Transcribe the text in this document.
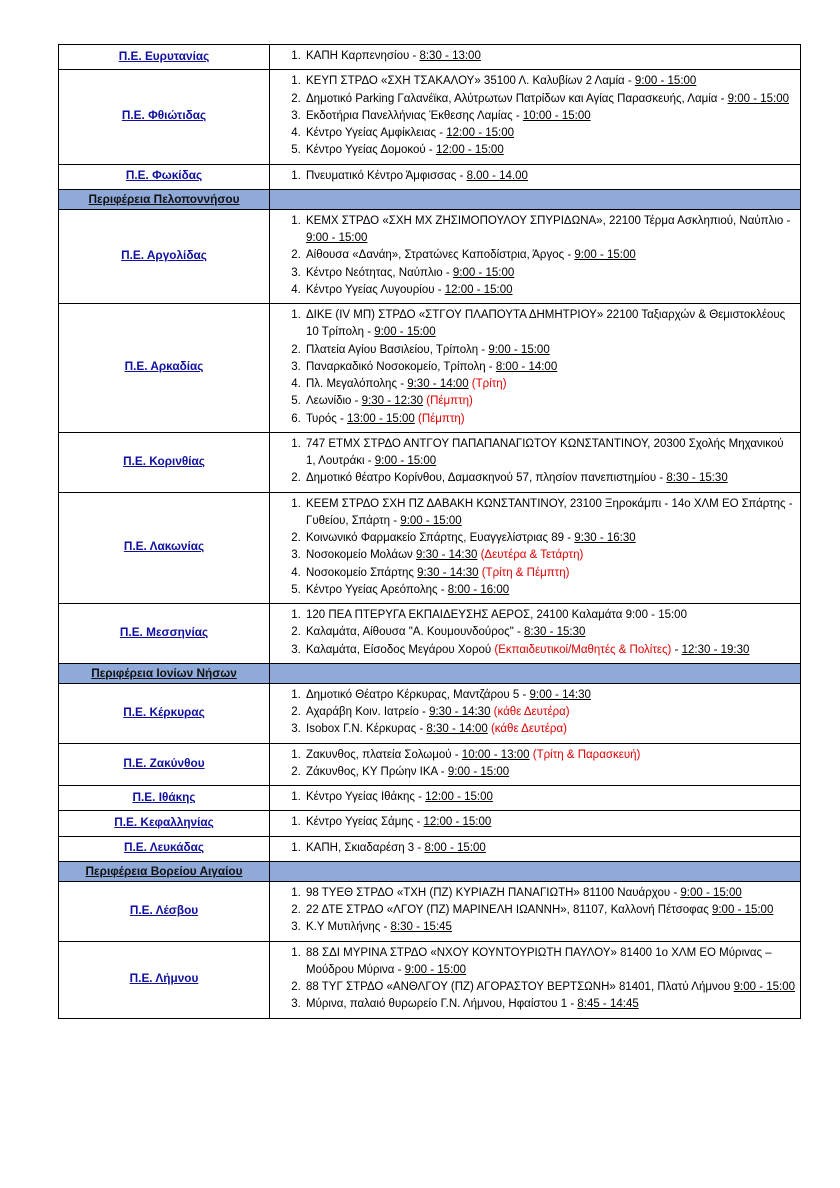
Π.Ε. Ευρυτανίας	
1.ΚΑΠΗ Καρπενησίου - 8:30 - 13:00

Π.Ε. Φθιώτιδας	
1. ΚΕΥΠ ΣΤΡΔΟ «ΣΧΗ ΤΣΑΚΑΛΟΥ» 35100 Λ. Καλυβίων 2 Λαμία - 9:00 - 15:00
2. Δημοτικό Parking Γαλανέϊκα, Αλύτρωτων Πατρίδων και Αγίας Παρασκευής, Λαμία - 9:00 - 15:00
3. Εκδοτήρια Πανελλήνιας Έκθεσης Λαμίας - 10:00 - 15:00
4. Κέντρο Υγείας Αμφίκλειας - 12:00 - 15:00
5. Κέντρο Υγείας Δομοκού - 12:00 - 15:00

Π.Ε. Φωκίδας	
1.Πνευματικό Κέντρο Άμφισσας - 8.00 - 14.00

Περιφέρεια Πελοποννήσου	
Π.Ε. Αργολίδας	
1. ΚΕΜΧ ΣΤΡΔΟ «ΣΧΗ ΜΧ ΖΗΣΙΜΟΠΟΥΛΟΥ ΣΠΥΡΙΔΩΝΑ», 22100 Τέρμα Ασκληπιού, Ναύπλιο - 9:00 - 15:00
2. Αίθουσα «Δανάη», Στρατώνες Καποδίστρια, Άργος - 9:00 - 15:00
3. Κέντρο Νεότητας, Ναύπλιο - 9:00 - 15:00
4. Κέντρο Υγείας Λυγουρίου - 12:00 - 15:00

Π.Ε. Αρκαδίας	
1. ΔΙΚΕ (IV ΜΠ) ΣΤΡΔΟ «ΣΤΓΟΥ ΠΛΑΠΟΥΤΑ ΔΗΜΗΤΡΙΟΥ» 22100 Ταξιαρχών & Θεμιστοκλέους 10 Τρίπολη - 9:00 - 15:00
2. Πλατεία Αγίου Βασιλείου, Τρίπολη - 9:00 - 15:00
3. Παναρκαδικό Νοσοκομείο, Τρίπολη - 8:00 - 14:00
4. Πλ. Μεγαλόπολης - 9:30 - 14:00 (Τρίτη)
5. Λεωνίδιο - 9:30 - 12:30 (Πέμπτη)
6. Τυρός - 13:00 - 15:00 (Πέμπτη)

Π.Ε. Κορινθίας	
1. 747 ΕΤΜΧ ΣΤΡΔΟ ΑΝΤΓΟΥ ΠΑΠΑΠΑΝΑΓΙΩΤΟΥ ΚΩΝΣΤΑΝΤΙΝΟΥ, 20300 Σχολής Μηχανικού 1, Λουτράκι - 9:00 - 15:00
2. Δημοτικό θέατρο Κορίνθου, Δαμασκηνού 57, πλησίον πανεπιστημίου - 8:30 - 15:30

Π.Ε. Λακωνίας	
1. ΚΕΕΜ ΣΤΡΔΟ ΣΧΗ ΠΖ ΔΑΒΑΚΗ ΚΩΝΣΤΑΝΤΙΝΟΥ, 23100 Ξηροκάμπι - 14ο ΧΛΜ ΕΟ Σπάρτης - Γυθείου, Σπάρτη - 9:00 - 15:00
2. Κοινωνικό Φαρμακείο Σπάρτης, Ευαγγελίστριας 89 - 9:30 - 16:30
3. Νοσοκομείο Μολάων 9:30 - 14:30 (Δευτέρα & Τετάρτη)
4. Νοσοκομείο Σπάρτης 9:30 - 14:30 (Τρίτη & Πέμπτη)
5. Κέντρο Υγείας Αρεόπολης - 8:00 - 16:00

Π.Ε. Μεσσηνίας	
1. 120 ΠΕΑ ΠΤΕΡΥΓΑ ΕΚΠΑΙΔΕΥΣΗΣ ΑΕΡΟΣ, 24100 Καλαμάτα 9:00 - 15:00
2. Καλαμάτα, Αίθουσα "Α. Κουμουνδούρος" - 8:30 - 15:30
3. Καλαμάτα, Είσοδος Μεγάρου Χορού (Εκπαιδευτικοί/Μαθητές & Πολίτες) - 12:30 - 19:30

Περιφέρεια Ιονίων Νήσων	
Π.Ε. Κέρκυρας	
1. Δημοτικό Θέατρο Κέρκυρας, Μαντζάρου 5 - 9:00 - 14:30
2. Αχαράβη Κοιν. Ιατρείο - 9:30 - 14:30 (κάθε Δευτέρα)
3. Isobox Γ.Ν. Κέρκυρας - 8:30 - 14:00 (κάθε Δευτέρα)

Π.Ε. Ζακύνθου	
1. Ζακυνθος, πλατεία Σολωμού - 10:00 - 13:00 (Τρίτη & Παρασκευή)
2. Ζάκυνθος, ΚΥ Πρώην ΙΚΑ - 9:00 - 15:00

Π.Ε. Ιθάκης	
1.Κέντρο Υγείας Ιθάκης - 12:00 - 15:00

Π.Ε. Κεφαλληνίας	
1.Κέντρο Υγείας Σάμης - 12:00 - 15:00

Π.Ε. Λευκάδας	
1.ΚΑΠΗ, Σκιαδαρέση 3 - 8:00 - 15:00

Περιφέρεια Βορείου Αιγαίου	
Π.Ε. Λέσβου	
1. 98 ΤΥΕΘ ΣΤΡΔΟ «ΤΧΗ (ΠΖ) ΚΥΡΙΑΖΗ ΠΑΝΑΓΙΩΤΗ» 81100 Ναυάρχου - 9:00 - 15:00
2. 22 ΔΤΕ ΣΤΡΔΟ «ΛΓΟΥ (ΠΖ) ΜΑΡΙΝΕΛΗ ΙΩΑΝΝΗ», 81107, Καλλονή Πέτσοφας 9:00 - 15:00
3. Κ.Υ Μυτιλήνης - 8:30 - 15:45

Π.Ε. Λήμνου	
1. 88 ΣΔΙ ΜΥΡΙΝΑ ΣΤΡΔΟ «ΝΧΟΥ ΚΟΥΝΤΟΥΡΙΩΤΗ ΠΑΥΛΟΥ» 81400 1ο ΧΛΜ ΕΟ Μύριvας – Μούδρου Μύρινα - 9:00 - 15:00
2. 88 ΤΥΓ ΣΤΡΔΟ «ΑΝΘΛΓΟΥ (ΠΖ) ΑΓΟΡΑΣΤΟΥ ΒΕΡΤΣΩΝΗ» 81401, Πλατύ Λήμνου 9:00 - 15:00
3. Μύρινα, παλαιό θυρωρείο Γ.Ν. Λήμνου, Ηφαίστου 1 - 8:45 - 14:45
